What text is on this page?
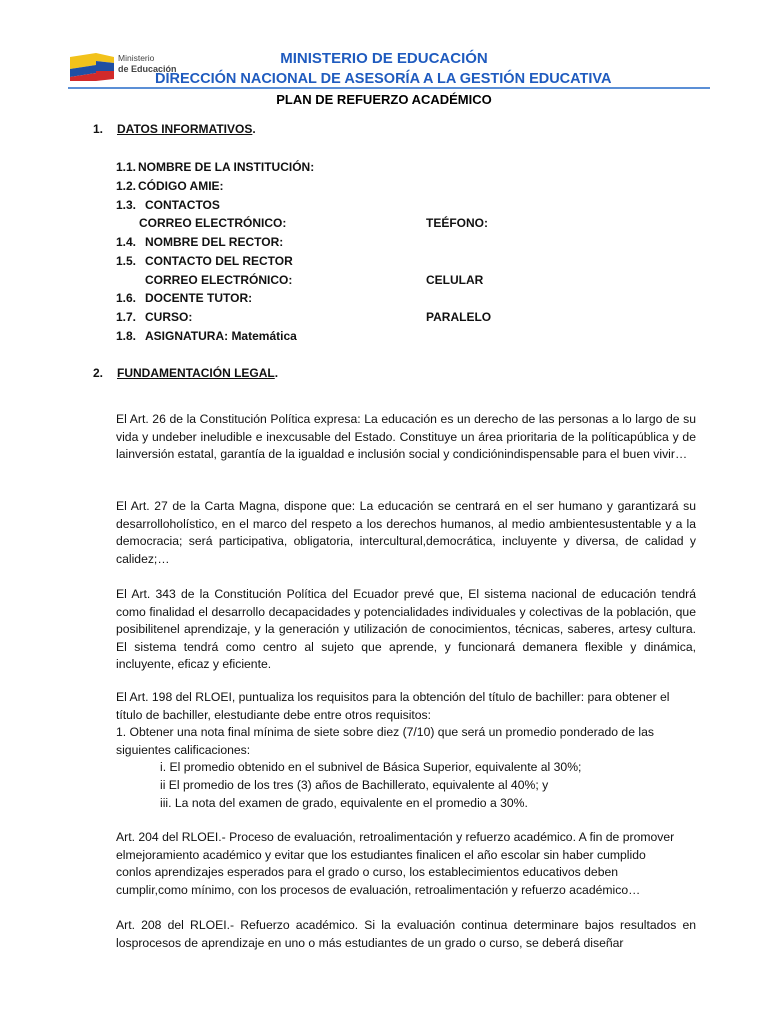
Ministerio
de Educación
MINISTERIO DE EDUCACIÓN
DIRECCIÓN NACIONAL DE ASESORÍA A LA GESTIÓN EDUCATIVA
PLAN DE REFUERZO ACADÉMICO
1. DATOS INFORMATIVOS.
1.1. NOMBRE DE LA INSTITUCIÓN:
1.2. CÓDIGO AMIE:
1.3. CONTACTOS
CORREO ELECTRÓNICO:	TEÉFONO:
1.4. NOMBRE DEL RECTOR:
1.5. CONTACTO DEL RECTOR
CORREO ELECTRÓNICO:	CELULAR
1.6. DOCENTE TUTOR:
1.7. CURSO:	PARALELO
1.8. ASIGNATURA: Matemática
2. FUNDAMENTACIÓN LEGAL.
El Art. 26 de la Constitución Política expresa: La educación es un derecho de las personas a lo largo de su vida y undeber ineludible e inexcusable del Estado. Constituye un área prioritaria de la políticapública y de lainversión estatal, garantía de la igualdad e inclusión social y condiciónindispensable para el buen vivir…
El Art. 27 de la Carta Magna, dispone que: La educación se centrará en el ser humano y garantizará su desarrolloholístico, en el marco del respeto a los derechos humanos, al medio ambientesustentable y a la democracia; será participativa, obligatoria, intercultural,democrática, incluyente y diversa, de calidad y calidez;…
El Art. 343 de la Constitución Política del Ecuador prevé que, El sistema nacional de educación tendrá como finalidad el desarrollo decapacidades y potencialidades individuales y colectivas de la población, que posibilitenel aprendizaje, y la generación y utilización de conocimientos, técnicas, saberes, artesy cultura. El sistema tendrá como centro al sujeto que aprende, y funcionará demanera flexible y dinámica, incluyente, eficaz y eficiente.

El Art. 198 del RLOEI, puntualiza los requisitos para la obtención del título de bachiller: para obtener el

título de bachiller, elestudiante debe entre otros requisitos:

1. Obtener una nota final mínima de siete sobre diez (7/10) que será un promedio ponderado de las

siguientes calificaciones:

i. El promedio obtenido en el subnivel de Básica Superior, equivalente al 30%;

ii El promedio de los tres (3) años de Bachillerato, equivalente al 40%; y

iii. La nota del examen de grado, equivalente en el promedio a 30%.

Art. 204 del RLOEI.- Proceso de evaluación, retroalimentación y refuerzo académico. A fin de promover

elmejoramiento académico y evitar que los estudiantes finalicen el año escolar sin haber cumplido

conlos aprendizajes esperados para el grado o curso, los establecimientos educativos deben

cumplir,como mínimo, con los procesos de evaluación, retroalimentación y refuerzo académico…

Art. 208 del RLOEI.- Refuerzo académico. Si la evaluación continua determinare bajos resultados en losprocesos de aprendizaje en uno o más estudiantes de un grado o curso, se deberá diseñar
